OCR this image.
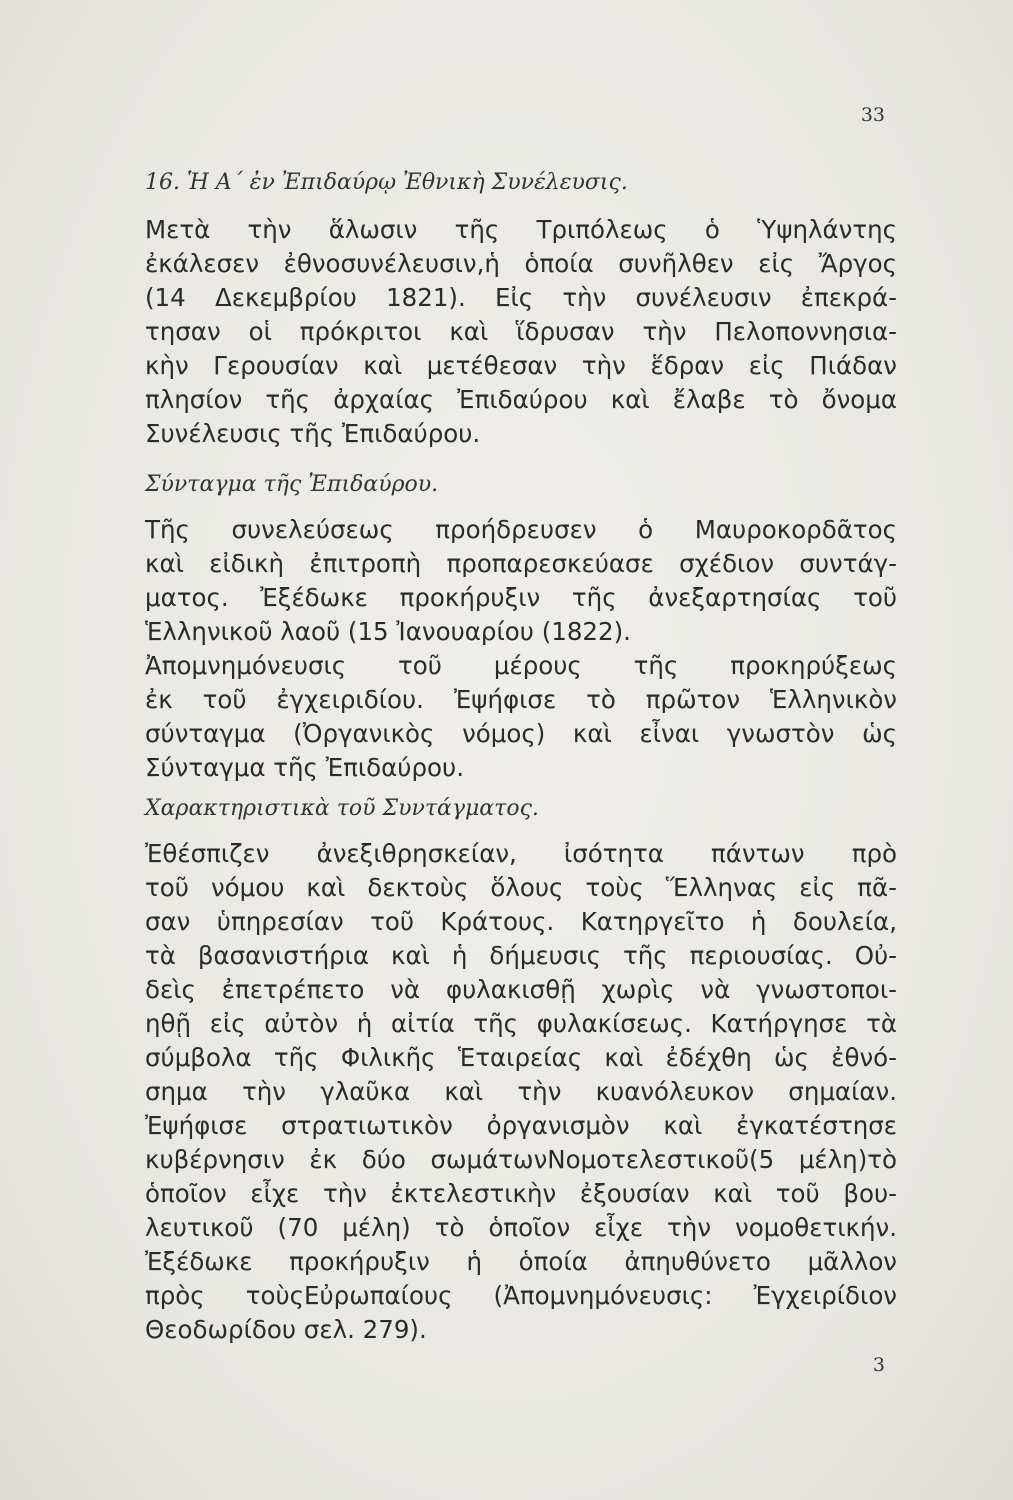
33
16. Ἡ Α΄ ἐν Ἐπιδαύρῳ Ἐθνικὴ Συνέλευσις.

Μετὰ τὴν ἅλωσιν τῆς Τριπόλεως ὁ Ὑψηλάντης
ἐκάλεσεν ἐθνοσυνέλευσιν,ἡ ὁποία συνῆλθεν εἰς Ἄργος
(14 Δεκεμβρίου 1821). Εἰς τὴν συνέλευσιν ἐπεκρά-
τησαν οἱ πρόκριτοι καὶ ἵδρυσαν τὴν Πελοποννησια-
κὴν Γερουσίαν καὶ μετέθεσαν τὴν ἕδραν εἰς Πιάδαν
πλησίον τῆς ἀρχαίας Ἐπιδαύρου καὶ ἔλαβε τὸ ὄνομα
Συνέλευσις τῆς Ἐπιδαύρου.

Σύνταγμα τῆς Ἐπιδαύρου.

Τῆς συνελεύσεως προήδρευσεν ὁ Μαυροκορδᾶτος
καὶ εἰδικὴ ἐπιτροπὴ προπαρεσκεύασε σχέδιον συντάγ-
ματος. Ἐξέδωκε προκήρυξιν τῆς ἀνεξαρτησίας τοῦ
Ἑλληνικοῦ λαοῦ (15 Ἰανουαρίου (1822).

Ἀπομνημόνευσις τοῦ μέρους τῆς προκηρύξεως
ἐκ τοῦ ἐγχειριδίου. Ἐψήφισε τὸ πρῶτον Ἑλληνικὸν
σύνταγμα (Ὀργανικὸς νόμος) καὶ εἶναι γνωστὸν ὡς
Σύνταγμα τῆς Ἐπιδαύρου.

Χαρακτηριστικὰ τοῦ Συντάγματος.

Ἐθέσπιζεν ἀνεξιθρησκείαν, ἰσότητα πάντων πρὸ
τοῦ νόμου καὶ δεκτοὺς ὅλους τοὺς Ἕλληνας εἰς πᾶ-
σαν ὑπηρεσίαν τοῦ Κράτους. Κατηργεῖτο ἡ δουλεία,
τὰ βασανιστήρια καὶ ἡ δήμευσις τῆς περιουσίας. Οὐ-
δεὶς ἐπετρέπετο νὰ φυλακισθῇ χωρὶς νὰ γνωστοποι-
ηθῇ εἰς αὐτὸν ἡ αἰτία τῆς φυλακίσεως. Κατήργησε τὰ
σύμβολα τῆς Φιλικῆς Ἑταιρείας καὶ ἐδέχθη ὡς ἐθνό-
σημα τὴν γλαῦκα καὶ τὴν κυανόλευκον σημαίαν.
Ἐψήφισε στρατιωτικὸν ὀργανισμὸν καὶ ἐγκατέστησε
κυβέρνησιν ἐκ δύο σωμάτωνΝομοτελεστικοῦ(5 μέλη)τὸ
ὁποῖον εἶχε τὴν ἐκτελεστικὴν ἐξουσίαν καὶ τοῦ βου-
λευτικοῦ (70 μέλη) τὸ ὁποῖον εἶχε τὴν νομοθετικήν.

Ἐξέδωκε προκήρυξιν ἡ ὁποία ἀπηυθύνετο μᾶλλον
πρὸς τοὺςΕὐρωπαίους (Ἀπομνημόνευσις: Ἐγχειρίδιον
Θεοδωρίδου σελ. 279).

3
